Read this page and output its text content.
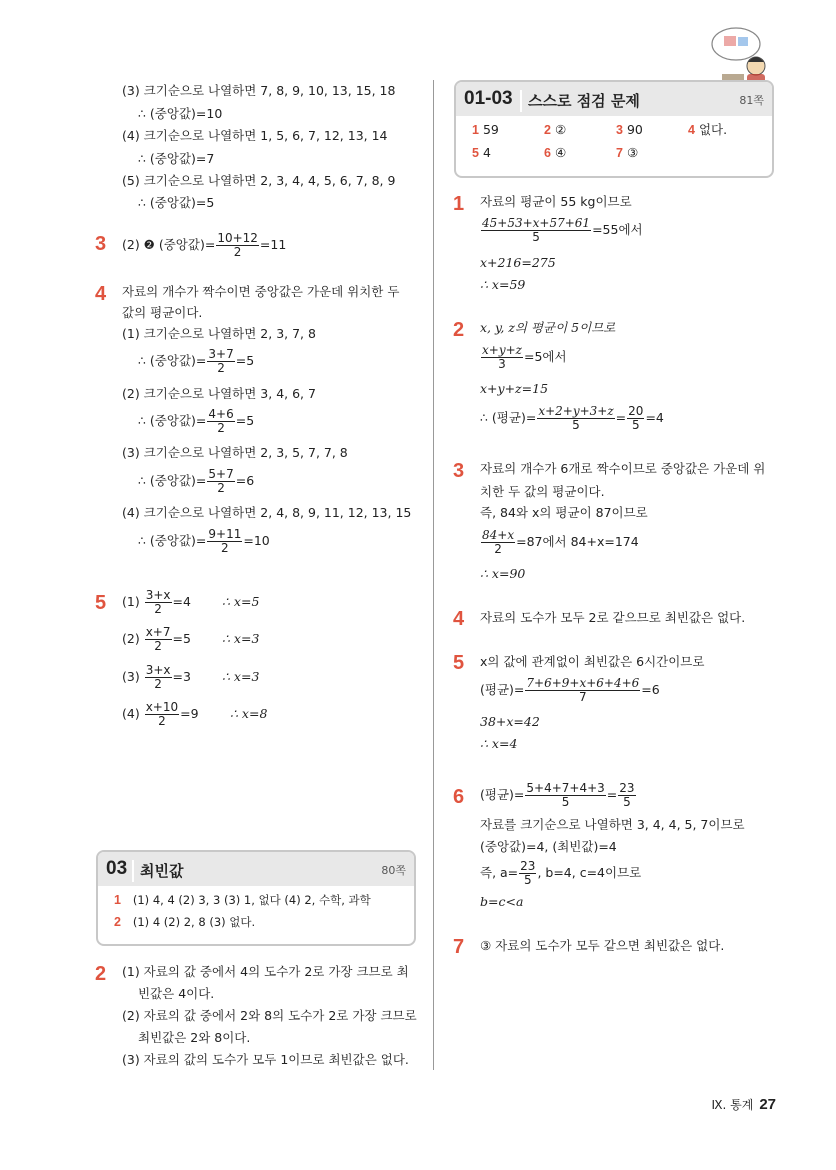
(3) 크기순으로 나열하면 7, 8, 9, 10, 13, 15, 18
∴ (중앙값)=10
(4) 크기순으로 나열하면 1, 5, 6, 7, 12, 13, 14
∴ (중앙값)=7
(5) 크기순으로 나열하면 2, 3, 4, 4, 5, 6, 7, 8, 9
∴ (중앙값)=5
3 (2) ❷ (중앙값)= $\frac{10+12}{2} =11$
4 자료의 개수가 짝수이면 중앙값은 가운데 위치한 두
값의 평균이다.
(1) 크기순으로 나열하면 2, 3, 7, 8
∴ (중앙값)= $\frac{3+7}{2} =5$
(2) 크기순으로 나열하면 3, 4, 6, 7
∴ (중앙값)= $\frac{4+6}{2} =5$
(3) 크기순으로 나열하면 2, 3, 5, 7, 7, 8
∴ (중앙값)= $\frac{5+7}{2} =6$
(4) 크기순으로 나열하면 2, 4, 8, 9, 11, 12, 13, 15
∴ (중앙값)= $\frac{9+11}{2} =10$
5 $(1) \frac{3+x}{2} =4$ ∴ x=5
$(2) \frac{x+7}{2} =5$ ∴ x=3
$(3) \frac{3+x}{2} =3$ ∴ x=3
$(4) \frac{x+10}{2} =9$	∴ x=8
03 최빈값	80쪽
1 (1) 4, 4 (2) 3, 3 (3) 1, 없다 (4) 2, 수학, 과학
2 (1) 4 (2) 2, 8 (3) 없다.
2 (1) 자료의 값 중에서 4의 도수가 2로 가장 크므로 최
빈값은 4이다.
(2) 자료의 값 중에서 2와 8의 도수가 2로 가장 크므로
최빈값은 2와 8이다.
(3) 자료의 값의 도수가 모두 1이므로 최빈값은 없다.
01-03 스스로 점검 문제	81쪽
1 59	2 ②	3 90	4 없다.
5 4	6 ④	7 ③
1 자료의 평균이 55 kg이므로
$\frac{45+53+x+57+61}{5} =55$에서
x+216=275
∴ x=59
2 x, y, z의 평균이 5이므로
$\frac{x+y+z}{3} =5$에서
x+y+z=15
∴ (평균)= $\frac{x+2+y+3+z}{5} = \frac{20}{5} =4$
3 자료의 개수가 6개로 짝수이므로 중앙값은 가운데 위
치한 두 값의 평균이다.
즉, 84와 x의 평균이 87이므로
$\frac{84+x}{2} =87$에서 84+x=174
∴ x=90
4 자료의 도수가 모두 2로 같으므로 최빈값은 없다.
5 x의 값에 관계없이 최빈값은 6시간이므로
(평균)= $\frac{7+6+9+x+6+4+6}{7} =6$
38+x=42
∴ x=4
6 (평균)= $\frac{5+4+7+4+3}{5} = \frac{23}{5}$
자료를 크기순으로 나열하면 3, 4, 4, 5, 7이므로
(중앙값)=4, (최빈값)=4
즉, $a= \frac{23}{5}$ , b=4, c=4이므로
b=c<a
7 ③ 자료의 도수가 모두 같으면 최빈값은 없다.
Ⅸ. 통계 27
